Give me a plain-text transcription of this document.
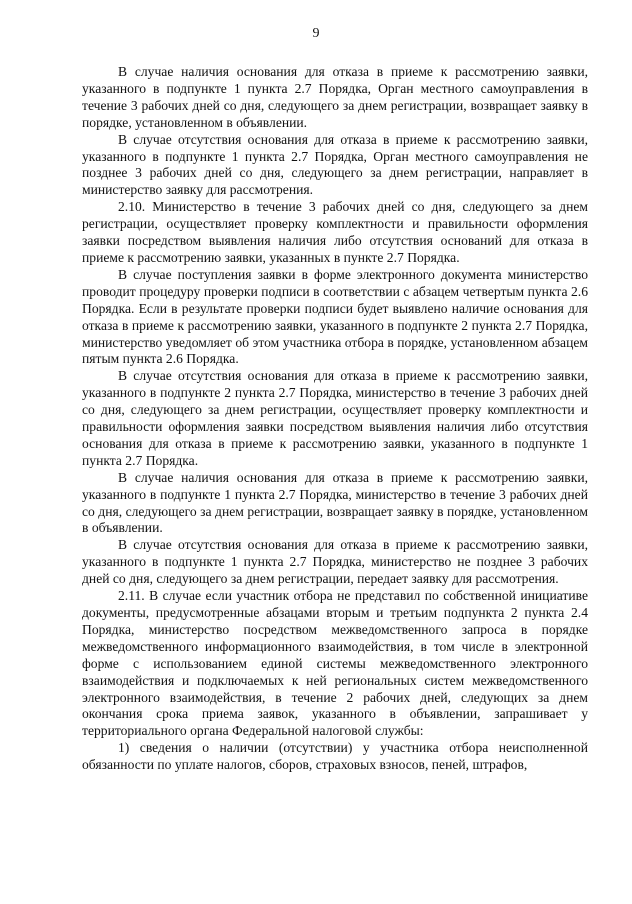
9

В случае наличия основания для отказа в приеме к рассмотрению заявки, указанного в подпункте 1 пункта 2.7 Порядка, Орган местного самоуправления в течение 3 рабочих дней со дня, следующего за днем регистрации, возвращает заявку в порядке, установленном в объявлении.

В случае отсутствия основания для отказа в приеме к рассмотрению заявки, указанного в подпункте 1 пункта 2.7 Порядка, Орган местного самоуправления не позднее 3 рабочих дней со дня, следующего за днем регистрации, направляет в министерство заявку для рассмотрения.

2.10. Министерство в течение 3 рабочих дней со дня, следующего за днем регистрации, осуществляет проверку комплектности и правильности оформления заявки посредством выявления наличия либо отсутствия оснований для отказа в приеме к рассмотрению заявки, указанных в пункте 2.7 Порядка.

В случае поступления заявки в форме электронного документа министерство проводит процедуру проверки подписи в соответствии с абзацем четвертым пункта 2.6 Порядка. Если в результате проверки подписи будет выявлено наличие основания для отказа в приеме к рассмотрению заявки, указанного в подпункте 2 пункта 2.7 Порядка, министерство уведомляет об этом участника отбора в порядке, установленном абзацем пятым пункта 2.6 Порядка.

В случае отсутствия основания для отказа в приеме к рассмотрению заявки, указанного в подпункте 2 пункта 2.7 Порядка, министерство в течение 3 рабочих дней со дня, следующего за днем регистрации, осуществляет проверку комплектности и правильности оформления заявки посредством выявления наличия либо отсутствия основания для отказа в приеме к рассмотрению заявки, указанного в подпункте 1 пункта 2.7 Порядка.

В случае наличия основания для отказа в приеме к рассмотрению заявки, указанного в подпункте 1 пункта 2.7 Порядка, министерство в течение 3 рабочих дней со дня, следующего за днем регистрации, возвращает заявку в порядке, установленном в объявлении.

В случае отсутствия основания для отказа в приеме к рассмотрению заявки, указанного в подпункте 1 пункта 2.7 Порядка, министерство не позднее 3 рабочих дней со дня, следующего за днем регистрации, передает заявку для рассмотрения.

2.11. В случае если участник отбора не представил по собственной инициативе документы, предусмотренные абзацами вторым и третьим подпункта 2 пункта 2.4 Порядка, министерство посредством межведомственного запроса в порядке межведомственного информационного взаимодействия, в том числе в электронной форме с использованием единой системы межведомственного электронного взаимодействия и подключаемых к ней региональных систем межведомственного электронного взаимодействия, в течение 2 рабочих дней, следующих за днем окончания срока приема заявок, указанного в объявлении, запрашивает у территориального органа Федеральной налоговой службы:

1) сведения о наличии (отсутствии) у участника отбора неисполненной обязанности по уплате налогов, сборов, страховых взносов, пеней, штрафов,
